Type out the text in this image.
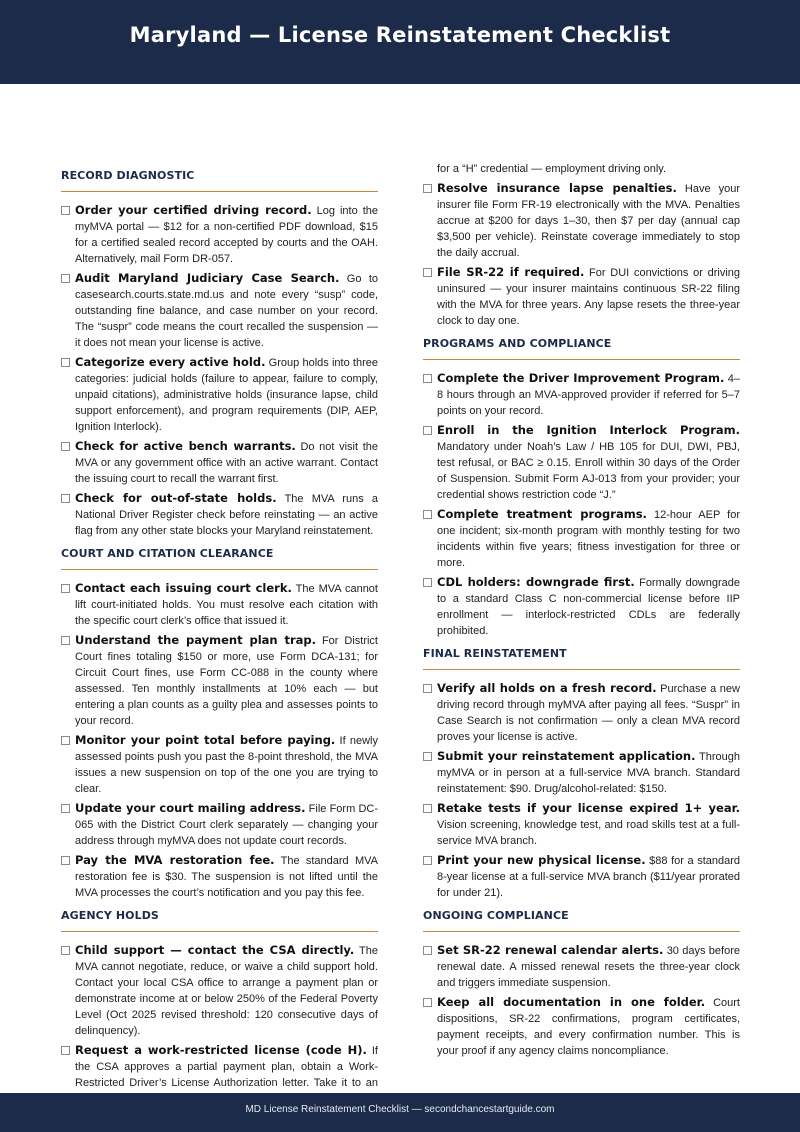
Maryland — License Reinstatement Checklist
RECORD DIAGNOSTIC
Order your certified driving record. Log into the myMVA portal — $12 for a non-certified PDF download, $15 for a certified sealed record accepted by courts and the OAH. Alternatively, mail Form DR-057.
Audit Maryland Judiciary Case Search. Go to casesearch.courts.state.md.us and note every “susp” code, outstanding fine balance, and case number on your record. The “suspr” code means the court recalled the suspension — it does not mean your license is active.
Categorize every active hold. Group holds into three categories: judicial holds (failure to appear, failure to comply, unpaid citations), administrative holds (insurance lapse, child support enforcement), and program requirements (DIP, AEP, Ignition Interlock).
Check for active bench warrants. Do not visit the MVA or any government office with an active warrant. Contact the issuing court to recall the warrant first.
Check for out-of-state holds. The MVA runs a National Driver Register check before reinstating — an active flag from any other state blocks your Maryland reinstatement.
COURT AND CITATION CLEARANCE
Contact each issuing court clerk. The MVA cannot lift court-initiated holds. You must resolve each citation with the specific court clerk’s office that issued it.
Understand the payment plan trap. For District Court fines totaling $150 or more, use Form DCA-131; for Circuit Court fines, use Form CC-088 in the county where assessed. Ten monthly installments at 10% each — but entering a plan counts as a guilty plea and assesses points to your record.
Monitor your point total before paying. If newly assessed points push you past the 8-point threshold, the MVA issues a new suspension on top of the one you are trying to clear.
Update your court mailing address. File Form DC-065 with the District Court clerk separately — changing your address through myMVA does not update court records.
Pay the MVA restoration fee. The standard MVA restoration fee is $30. The suspension is not lifted until the MVA processes the court’s notification and you pay this fee.
AGENCY HOLDS
Child support — contact the CSA directly. The MVA cannot negotiate, reduce, or waive a child support hold. Contact your local CSA office to arrange a payment plan or demonstrate income at or below 250% of the Federal Poverty Level (Oct 2025 revised threshold: 120 consecutive days of delinquency).
Request a work-restricted license (code H). If the CSA approves a partial payment plan, obtain a Work-Restricted Driver’s License Authorization letter. Take it to an
for a “H” credential — employment driving only.
Resolve insurance lapse penalties. Have your insurer file Form FR-19 electronically with the MVA. Penalties accrue at $200 for days 1–30, then $7 per day (annual cap $3,500 per vehicle). Reinstate coverage immediately to stop the daily accrual.
File SR-22 if required. For DUI convictions or driving uninsured — your insurer maintains continuous SR-22 filing with the MVA for three years. Any lapse resets the three-year clock to day one.
PROGRAMS AND COMPLIANCE
Complete the Driver Improvement Program. 4–8 hours through an MVA-approved provider if referred for 5–7 points on your record.
Enroll in the Ignition Interlock Program. Mandatory under Noah’s Law / HB 105 for DUI, DWI, PBJ, test refusal, or BAC ≥ 0.15. Enroll within 30 days of the Order of Suspension. Submit Form AJ-013 from your provider; your credential shows restriction code “J.”
Complete treatment programs. 12-hour AEP for one incident; six-month program with monthly testing for two incidents within five years; fitness investigation for three or more.
CDL holders: downgrade first. Formally downgrade to a standard Class C non-commercial license before IIP enrollment — interlock-restricted CDLs are federally prohibited.
FINAL REINSTATEMENT
Verify all holds on a fresh record. Purchase a new driving record through myMVA after paying all fees. “Suspr” in Case Search is not confirmation — only a clean MVA record proves your license is active.
Submit your reinstatement application. Through myMVA or in person at a full-service MVA branch. Standard reinstatement: $90. Drug/alcohol-related: $150.
Retake tests if your license expired 1+ year. Vision screening, knowledge test, and road skills test at a full-service MVA branch.
Print your new physical license. $88 for a standard 8-year license at a full-service MVA branch ($11/year prorated for under 21).
ONGOING COMPLIANCE
Set SR-22 renewal calendar alerts. 30 days before renewal date. A missed renewal resets the three-year clock and triggers immediate suspension.
Keep all documentation in one folder. Court dispositions, SR-22 confirmations, program certificates, payment receipts, and every confirmation number. This is your proof if any agency claims noncompliance.
MD License Reinstatement Checklist — secondchancestartguide.com
